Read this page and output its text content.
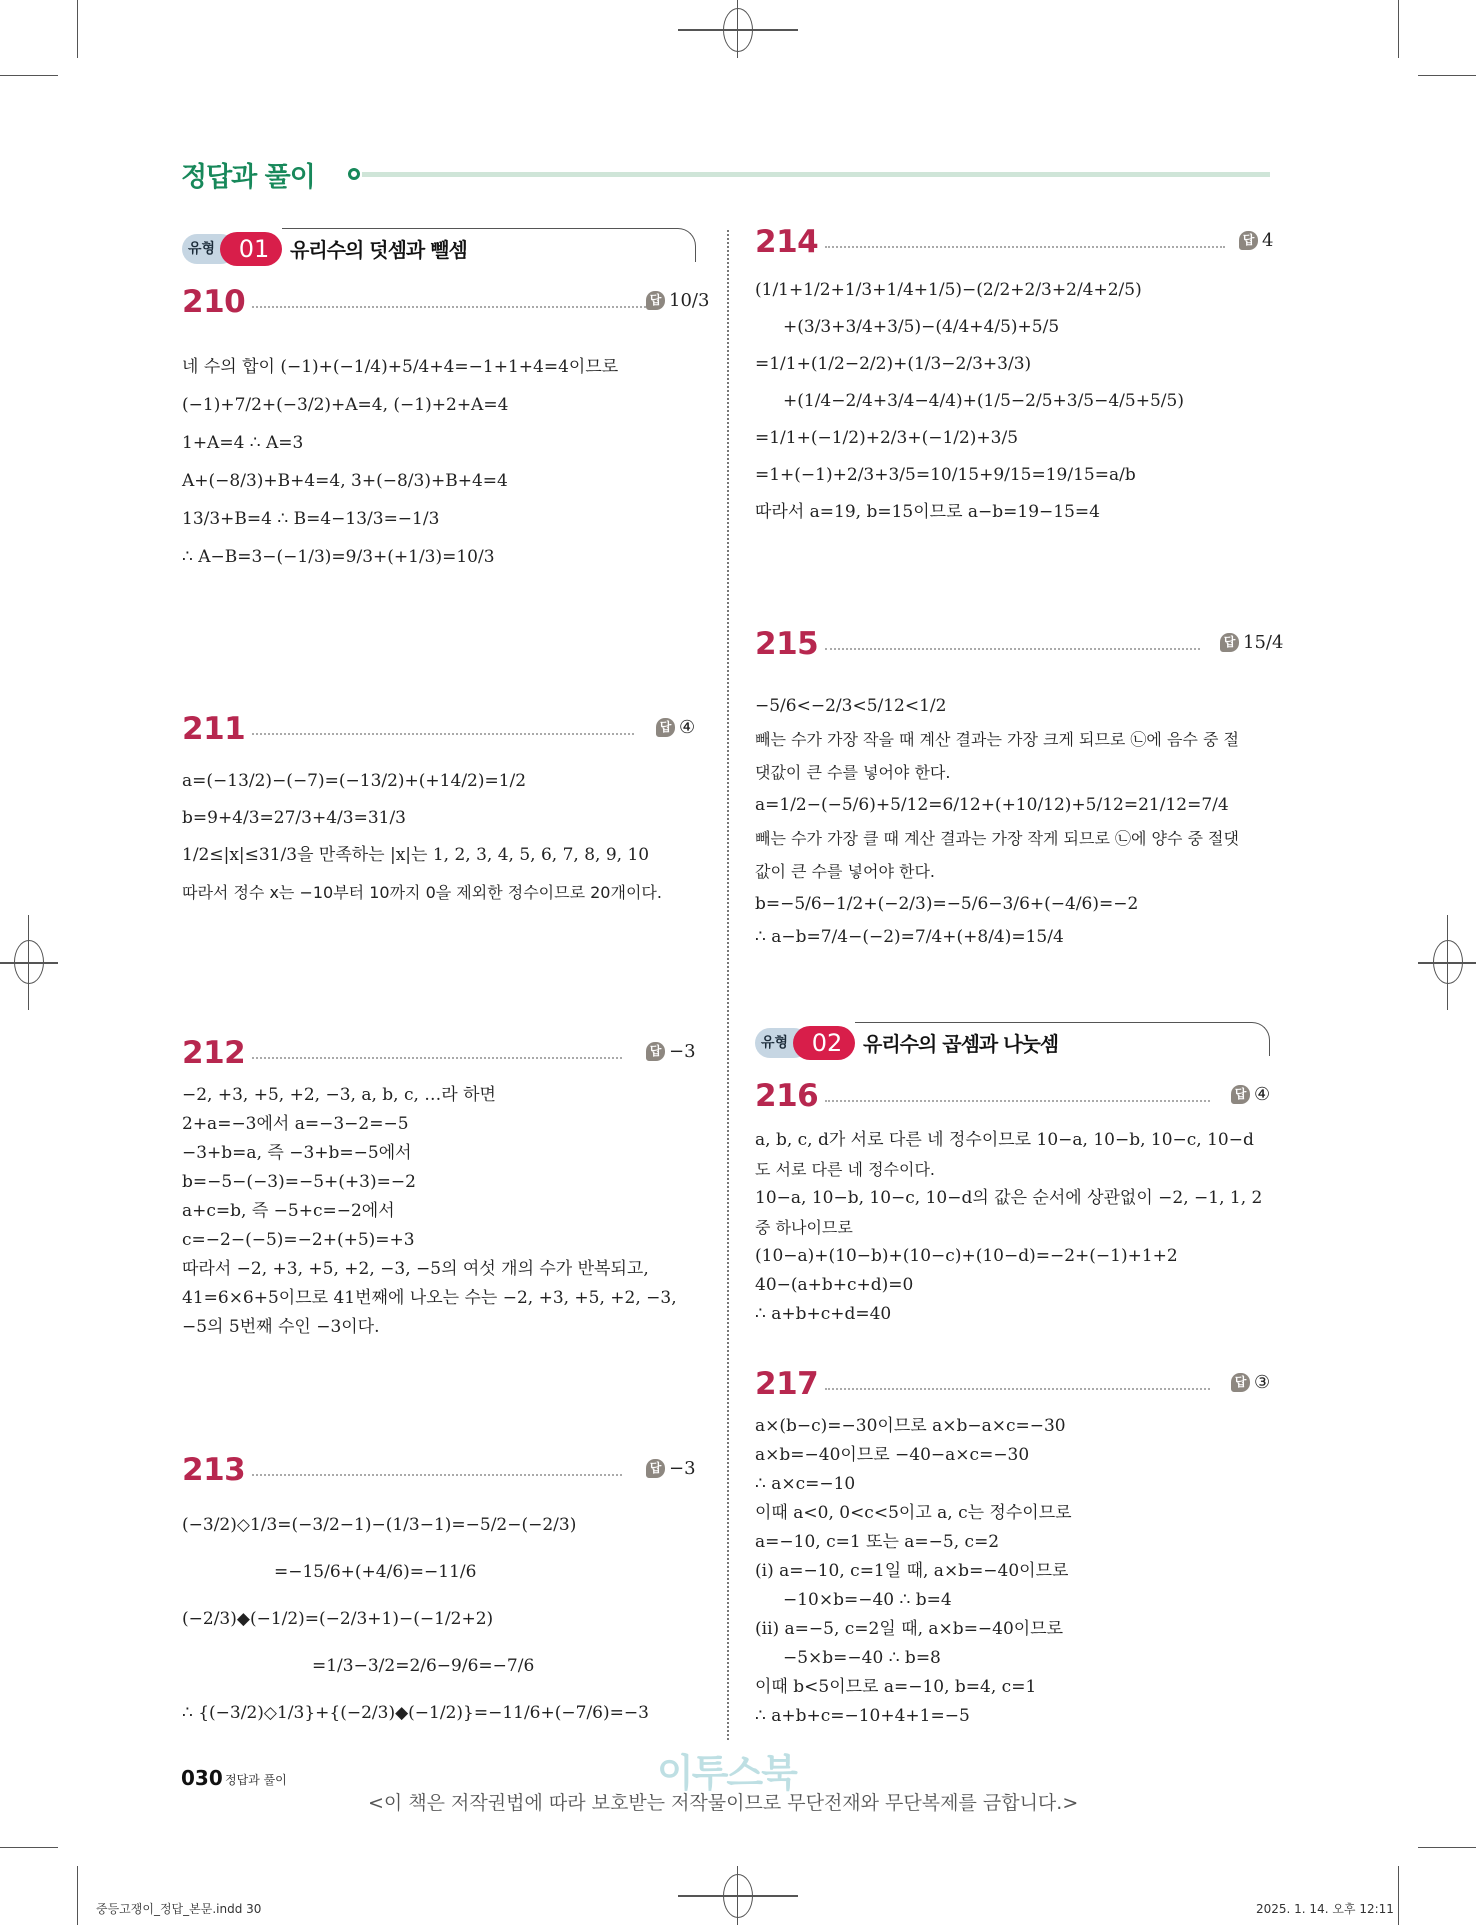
정답과 풀이
유형 01	유리수의 덧셈과 뺄셈
210	답 10/3
네 수의 합이 (−1)+(−1/4)+5/4+4=−1+1+4=4이므로
(−1)+7/2+(−3/2)+A=4, (−1)+2+A=4
1+A=4 ∴ A=3
A+(−8/3)+B+4=4, 3+(−8/3)+B+4=4
13/3+B=4 ∴ B=4−13/3=−1/3
∴ A−B=3−(−1/3)=9/3+(+1/3)=10/3
211	답 ④
a=(−13/2)−(−7)=(−13/2)+(+14/2)=1/2
b=9+4/3=27/3+4/3=31/3
1/2≤|x|≤31/3을 만족하는 |x|는 1, 2, 3, 4, 5, 6, 7, 8, 9, 10
따라서 정수 x는 −10부터 10까지 0을 제외한 정수이므로 20개이다.
212	답 −3
−2, +3, +5, +2, −3, a, b, c, …라 하면
2+a=−3에서 a=−3−2=−5
−3+b=a, 즉 −3+b=−5에서
b=−5−(−3)=−5+(+3)=−2
a+c=b, 즉 −5+c=−2에서
c=−2−(−5)=−2+(+5)=+3
따라서 −2, +3, +5, +2, −3, −5의 여섯 개의 수가 반복되고,
41=6×6+5이므로 41번째에 나오는 수는 −2, +3, +5, +2, −3,
−5의 5번째 수인 −3이다.
213	답 −3
(−3/2)◇1/3=(−3/2−1)−(1/3−1)=−5/2−(−2/3)
=−15/6+(+4/6)=−11/6
(−2/3)◆(−1/2)=(−2/3+1)−(−1/2+2)
=1/3−3/2=2/6−9/6=−7/6
∴ {(−3/2)◇1/3}+{(−2/3)◆(−1/2)}=−11/6+(−7/6)=−3
214	답 4
(1/1+1/2+1/3+1/4+1/5)−(2/2+2/3+2/4+2/5)
+(3/3+3/4+3/5)−(4/4+4/5)+5/5
=1/1+(1/2−2/2)+(1/3−2/3+3/3)
+(1/4−2/4+3/4−4/4)+(1/5−2/5+3/5−4/5+5/5)
=1/1+(−1/2)+2/3+(−1/2)+3/5
=1+(−1)+2/3+3/5=10/15+9/15=19/15=a/b
따라서 a=19, b=15이므로 a−b=19−15=4
215	답 15/4
−5/6<−2/3<5/12<1/2
빼는 수가 가장 작을 때 계산 결과는 가장 크게 되므로 ㉡에 음수 중 절
댓값이 큰 수를 넣어야 한다.
a=1/2−(−5/6)+5/12=6/12+(+10/12)+5/12=21/12=7/4
빼는 수가 가장 클 때 계산 결과는 가장 작게 되므로 ㉡에 양수 중 절댓
값이 큰 수를 넣어야 한다.
b=−5/6−1/2+(−2/3)=−5/6−3/6+(−4/6)=−2
∴ a−b=7/4−(−2)=7/4+(+8/4)=15/4
유형 02	유리수의 곱셈과 나눗셈
216	답 ④
a, b, c, d가 서로 다른 네 정수이므로 10−a, 10−b, 10−c, 10−d
도 서로 다른 네 정수이다.
10−a, 10−b, 10−c, 10−d의 값은 순서에 상관없이 −2, −1, 1, 2
중 하나이므로
(10−a)+(10−b)+(10−c)+(10−d)=−2+(−1)+1+2
40−(a+b+c+d)=0
∴ a+b+c+d=40
217	답 ③
a×(b−c)=−30이므로 a×b−a×c=−30
a×b=−40이므로 −40−a×c=−30
∴ a×c=−10
이때 a<0, 0<c<5이고 a, c는 정수이므로
a=−10, c=1 또는 a=−5, c=2
(i) a=−10, c=1일 때, a×b=−40이므로
−10×b=−40 ∴ b=4
(ii) a=−5, c=2일 때, a×b=−40이므로
−5×b=−40 ∴ b=8
이때 b<5이므로 a=−10, b=4, c=1
∴ a+b+c=−10+4+1=−5
이투스북
030 정답과 풀이
<이 책은 저작권법에 따라 보호받는 저작물이므로 무단전재와 무단복제를 금합니다.>
중등고쟁이_정답_본문.indd 30	2025. 1. 14. 오후 12:11
